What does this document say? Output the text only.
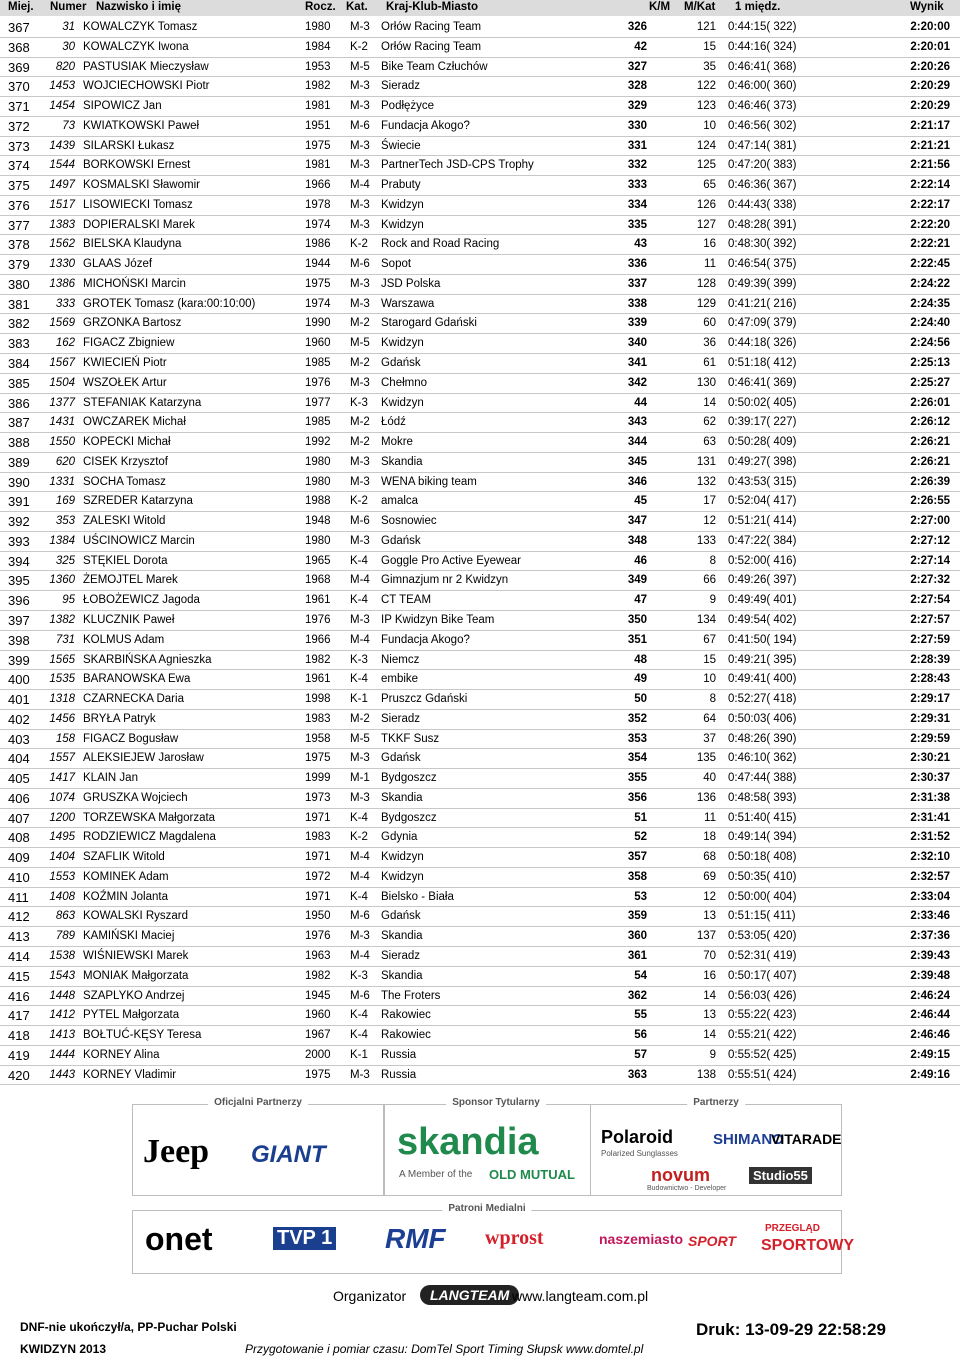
Miej. Numer Nazwisko i imię	Rocz. Kat. Kraj-Klub-Miasto	K/M M/Kat 1 międz.	Wynik
367	31 KOWALCZYK Tomasz	1980 M-3 Orłów Racing Team	326	121 0:44:15( 322)	2:20:00
368	30 KOWALCZYK Iwona	1984 K-2 Orłów Racing Team	42	15 0:44:16( 324)	2:20:01
369 820 PASTUSIAK Mieczysław	1953 M-5 Bike Team Człuchów	327	35 0:46:41( 368)	2:20:26
370 1453 WOJCIECHOWSKI Piotr	1982 M-3 Sieradz	328	122 0:46:00( 360)	2:20:29
371 1454 SIPOWICZ Jan	1981 M-3 Podłężyce	329	123 0:46:46( 373)	2:20:29
372	73 KWIATKOWSKI Paweł	1951 M-6 Fundacja Akogo?	330	10 0:46:56( 302)	2:21:17
373 1439 SILARSKI Łukasz	1975 M-3 Świecie	331	124 0:47:14( 381)	2:21:21
374 1544 BORKOWSKI Ernest	1981 M-3 PartnerTech JSD-CPS Trophy	332	125 0:47:20( 383)	2:21:56
375 1497 KOSMALSKI Sławomir	1966 M-4 Prabuty	333	65 0:46:36( 367)	2:22:14
376 1517 LISOWIECKI Tomasz	1978 M-3 Kwidzyn	334	126 0:44:43( 338)	2:22:17
377 1383 DOPIERALSKI Marek	1974 M-3 Kwidzyn	335	127 0:48:28( 391)	2:22:20
378 1562 BIELSKA Klaudyna	1986 K-2 Rock and Road Racing	43	16 0:48:30( 392)	2:22:21
379 1330 GLAAS Józef	1944 M-6 Sopot	336	11 0:46:54( 375)	2:22:45
380 1386 MICHOŃSKI Marcin	1975 M-3 JSD Polska	337	128 0:49:39( 399)	2:24:22
381 333 GROTEK Tomasz (kara:00:10:00)	1974 M-3 Warszawa	338	129 0:41:21( 216)	2:24:35
382 1569 GRZONKA Bartosz	1990 M-2 Starogard Gdański	339	60 0:47:09( 379)	2:24:40
383 162 FIGACZ Zbigniew	1960 M-5 Kwidzyn	340	36 0:44:18( 326)	2:24:56
384 1567 KWIECIEŃ Piotr	1985 M-2 Gdańsk	341	61 0:51:18( 412)	2:25:13
385 1504 WSZOŁEK Artur	1976 M-3 Chełmno	342	130 0:46:41( 369)	2:25:27
386 1377 STEFANIAK Katarzyna	1977 K-3 Kwidzyn	44	14 0:50:02( 405)	2:26:01
387 1431 OWCZAREK Michał	1985 M-2 Łódź	343	62 0:39:17( 227)	2:26:12
388 1550 KOPECKI Michał	1992 M-2 Mokre	344	63 0:50:28( 409)	2:26:21
389 620 CISEK Krzysztof	1980 M-3 Skandia	345	131 0:49:27( 398)	2:26:21
390 1331 SOCHA Tomasz	1980 M-3 WENA biking team	346	132 0:43:53( 315)	2:26:39
391 169 SZREDER Katarzyna	1988 K-2 amalca	45	17 0:52:04( 417)	2:26:55
392 353 ZALESKI Witold	1948 M-6 Sosnowiec	347	12 0:51:21( 414)	2:27:00
393 1384 UŚCINOWICZ Marcin	1980 M-3 Gdańsk	348	133 0:47:22( 384)	2:27:12
394 325 STĘKIEL Dorota	1965 K-4 Goggle Pro Active Eyewear	46	8 0:52:00( 416)	2:27:14
395 1360 ŻEMOJTEL Marek	1968 M-4 Gimnazjum nr 2 Kwidzyn	349	66 0:49:26( 397)	2:27:32
396	95 ŁOBOŻEWICZ Jagoda	1961 K-4 CT TEAM	47	9 0:49:49( 401)	2:27:54
397 1382 KLUCZNIK Paweł	1976 M-3 IP Kwidzyn Bike Team	350	134 0:49:54( 402)	2:27:57
398 731 KOLMUS Adam	1966 M-4 Fundacja Akogo?	351	67 0:41:50( 194)	2:27:59
399 1565 SKARBIŃSKA Agnieszka	1982 K-3 Niemcz	48	15 0:49:21( 395)	2:28:39
400 1535 BARANOWSKA Ewa	1961 K-4 embike	49	10 0:49:41( 400)	2:28:43
401 1318 CZARNECKA Daria	1998 K-1 Pruszcz Gdański	50	8 0:52:27( 418)	2:29:17
402 1456 BRYŁA Patryk	1983 M-2 Sieradz	352	64 0:50:03( 406)	2:29:31
403 158 FIGACZ Bogusław	1958 M-5 TKKF Susz	353	37 0:48:26( 390)	2:29:59
404 1557 ALEKSIEJEW Jarosław	1975 M-3 Gdańsk	354	135 0:46:10( 362)	2:30:21
405 1417 KLAIN Jan	1999 M-1 Bydgoszcz	355	40 0:47:44( 388)	2:30:37
406 1074 GRUSZKA Wojciech	1973 M-3 Skandia	356	136 0:48:58( 393)	2:31:38
407 1200 TORZEWSKA Małgorzata	1971 K-4 Bydgoszcz	51	11 0:51:40( 415)	2:31:41
408 1495 RODZIEWICZ Magdalena	1983 K-2 Gdynia	52	18 0:49:14( 394)	2:31:52
409 1404 SZAFLIK Witold	1971 M-4 Kwidzyn	357	68 0:50:18( 408)	2:32:10
410 1553 KOMINEK Adam	1972 M-4 Kwidzyn	358	69 0:50:35( 410)	2:32:57
411 1408 KOŹMIN Jolanta	1971 K-4 Bielsko - Biała	53	12 0:50:00( 404)	2:33:04
412 863 KOWALSKI Ryszard	1950 M-6 Gdańsk	359	13 0:51:15( 411)	2:33:46
413 789 KAMIŃSKI Maciej	1976 M-3 Skandia	360	137 0:53:05( 420)	2:37:36
414 1538 WIŚNIEWSKI Marek	1963 M-4 Sieradz	361	70 0:52:31( 419)	2:39:43
415 1543 MONIAK Małgorzata	1982 K-3 Skandia	54	16 0:50:17( 407)	2:39:48
416 1448 SZAPLYKO Andrzej	1945 M-6 The Froters	362	14 0:56:03( 426)	2:46:24
417 1412 PYTEL Małgorzata	1960 K-4 Rakowiec	55	13 0:55:22( 423)	2:46:44
418 1413 BOŁTUĆ-KĘSY Teresa	1967 K-4 Rakowiec	56	14 0:55:21( 422)	2:46:46
419 1444 KORNEY Alina	2000 K-1 Russia	57	9 0:55:52( 425)	2:49:15
420 1443 KORNEY Vladimir	1975 M-3 Russia	363	138 0:55:51( 424)	2:49:16
Oficjalni Partnerzy
Jeep GIANT
Sponsor Tytularny
skandia
A Member of the OLD MUTUAL
Partnerzy
Polaroid
Polarized Sunglasses
SHIMANO
VITARADE
novum
Budownictwo - Developer
Studio55
Patroni Medialni
onet	TVP 1 RMF wprost	naszemiasto SPORT
PRZEGLĄD
SPORTOWY
Organizator	LANGTEAM www.langteam.com.pl
DNF-nie ukończył/a, PP-Puchar Polski
KWIDZYN 2013	Przygotowanie i pomiar czasu: DomTel Sport Timing Słupsk www.domtel.pl
Druk: 13-09-29 22:58:29
